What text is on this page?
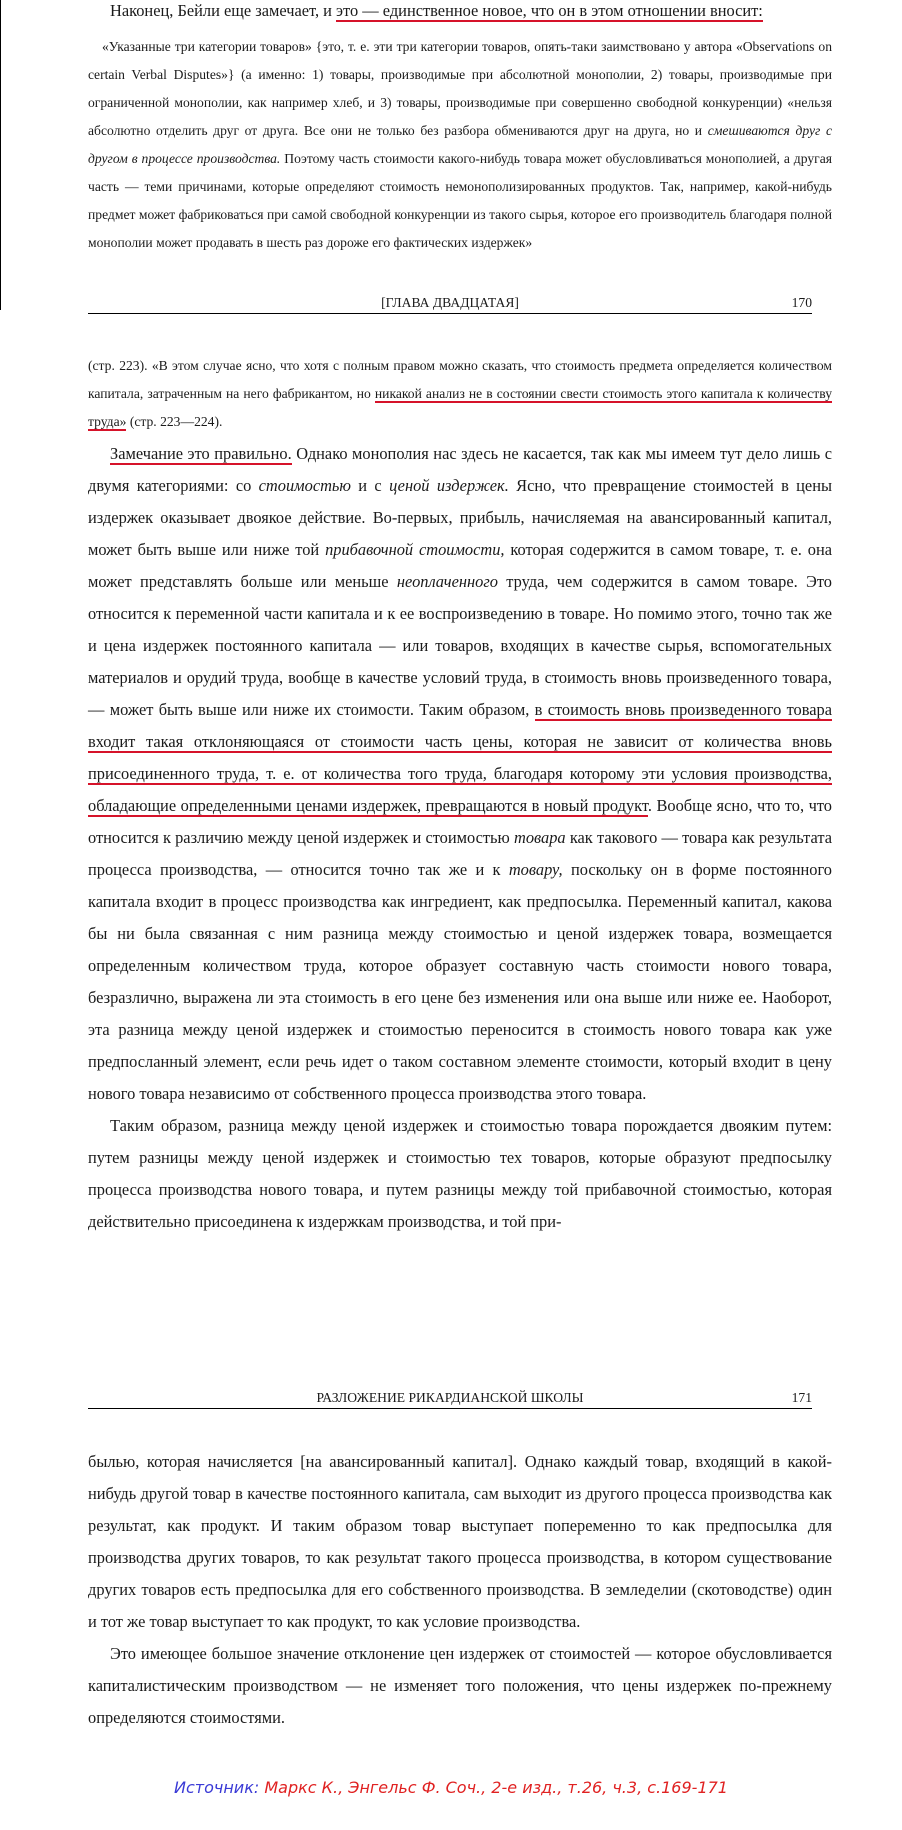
Наконец, Бейли еще замечает, и это — единственное новое, что он в этом отношении вносит:

«Указанные три категории товаров» {это, т. е. эти три категории товаров, опять-таки заимствовано у автора «Observations on certain Verbal Disputes»} (а именно: 1) товары, производимые при абсолютной монополии, 2) товары, производимые при ограниченной монополии, как например хлеб, и 3) товары, производимые при совершенно свободной конкуренции) «нельзя абсолютно отделить друг от друга. Все они не только без разбора обмениваются друг на друга, но и смешиваются друг с другом в процессе производства. Поэтому часть стоимости какого-нибудь товара может обусловливаться монополией, а другая часть — теми причинами, которые определяют стоимость немонополизированных продуктов. Так, например, какой-нибудь предмет может фабриковаться при самой свободной конкуренции из такого сырья, которое его производитель благодаря полной монополии может продавать в шесть раз дороже его фактических издержек»

[ГЛАВА ДВАДЦАТАЯ]	170

(стр. 223). «В этом случае ясно, что хотя с полным правом можно сказать, что стоимость предмета определяется количеством капитала, затраченным на него фабрикантом, но никакой анализ не в состоянии свести стоимость этого капитала к количеству труда» (стр. 223—224).

Замечание это правильно. Однако монополия нас здесь не касается, так как мы имеем тут дело лишь с двумя категориями: со стоимостью и с ценой издержек. Ясно, что превращение стоимостей в цены издержек оказывает двоякое действие. Во-первых, прибыль, начисляемая на авансированный капитал, может быть выше или ниже той прибавочной стоимости, которая содержится в самом товаре, т. е. она может представлять больше или меньше неоплаченного труда, чем содержится в самом товаре. Это относится к переменной части капитала и к ее воспроизведению в товаре. Но помимо этого, точно так же и цена издержек постоянного капитала — или товаров, входящих в качестве сырья, вспомогательных материалов и орудий труда, вообще в качестве условий труда, в стоимость вновь произведенного товара, — может быть выше или ниже их стоимости. Таким образом, в стоимость вновь произведенного товара входит такая отклоняющаяся от стоимости часть цены, которая не зависит от количества вновь присоединенного труда, т. е. от количества того труда, благодаря которому эти условия производства, обладающие определенными ценами издержек, превращаются в новый продукт. Вообще ясно, что то, что относится к различию между ценой издержек и стоимостью товара как такового — товара как результата процесса производства, — относится точно так же и к товару, поскольку он в форме постоянного капитала входит в процесс производства как ингредиент, как предпосылка. Переменный капитал, какова бы ни была связанная с ним разница между стоимостью и ценой издержек товара, возмещается определенным количеством труда, которое образует составную часть стоимости нового товара, безразлично, выражена ли эта стоимость в его цене без изменения или она выше или ниже ее. Наоборот, эта разница между ценой издержек и стоимостью переносится в стоимость нового товара как уже предпосланный элемент, если речь идет о таком составном элементе стоимости, который входит в цену нового товара независимо от собственного процесса производства этого товара.

Таким образом, разница между ценой издержек и стоимостью товара порождается двояким путем: путем разницы между ценой издержек и стоимостью тех товаров, которые образуют предпосылку процесса производства нового товара, и путем разницы между той прибавочной стоимостью, которая действительно присоединена к издержкам производства, и той при-

РАЗЛОЖЕНИЕ РИКАРДИАНСКОЙ ШКОЛЫ	171

былью, которая начисляется [на авансированный капитал]. Однако каждый товар, входящий в какой-нибудь другой товар в качестве постоянного капитала, сам выходит из другого процесса производства как результат, как продукт. И таким образом товар выступает попеременно то как предпосылка для производства других товаров, то как результат такого процесса производства, в котором существование других товаров есть предпосылка для его собственного производства. В земледелии (скотоводстве) один и тот же товар выступает то как продукт, то как условие производства.

Это имеющее большое значение отклонение цен издержек от стоимостей — которое обусловливается капиталистическим производством — не изменяет того положения, что цены издержек по-прежнему определяются стоимостями.

Источник: Маркс К., Энгельс Ф. Соч., 2-е изд., т.26, ч.3, с.169-171
